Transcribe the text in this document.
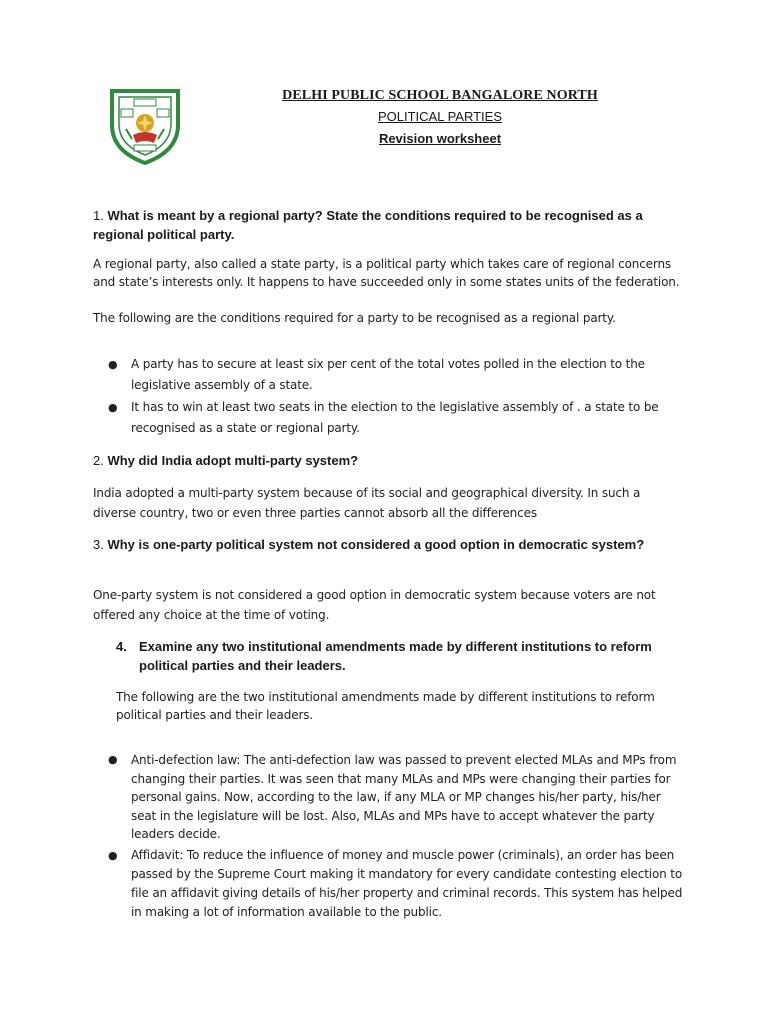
DELHI PUBLIC SCHOOL BANGALORE NORTH
POLITICAL PARTIES
Revision worksheet
1. What is meant by a regional party? State the conditions required to be recognised as a regional political party.
A regional party, also called a state party, is a political party which takes care of regional concerns and state’s interests only. It happens to have succeeded only in some states units of the federation.
The following are the conditions required for a party to be recognised as a regional party.
● A party has to secure at least six per cent of the total votes polled in the election to the legislative assembly of a state.
● It has to win at least two seats in the election to the legislative assembly of . a state to be recognised as a state or regional party.
2. Why did India adopt multi-party system?
India adopted a multi-party system because of its social and geographical diversity. In such a diverse country, two or even three parties cannot absorb all the differences
3. Why is one-party political system not considered a good option in democratic system?
One-party system is not considered a good option in democratic system because voters are not offered any choice at the time of voting.
4. Examine any two institutional amendments made by different institutions to reform political parties and their leaders.
The following are the two institutional amendments made by different institutions to reform political parties and their leaders.
● Anti-defection law: The anti-defection law was passed to prevent elected MLAs and MPs from changing their parties. It was seen that many MLAs and MPs were changing their parties for personal gains. Now, according to the law, if any MLA or MP changes his/her party, his/her seat in the legislature will be lost. Also, MLAs and MPs have to accept whatever the party leaders decide.
● Affidavit: To reduce the influence of money and muscle power (criminals), an order has been passed by the Supreme Court making it mandatory for every candidate contesting election to file an affidavit giving details of his/her property and criminal records. This system has helped in making a lot of information available to the public.
